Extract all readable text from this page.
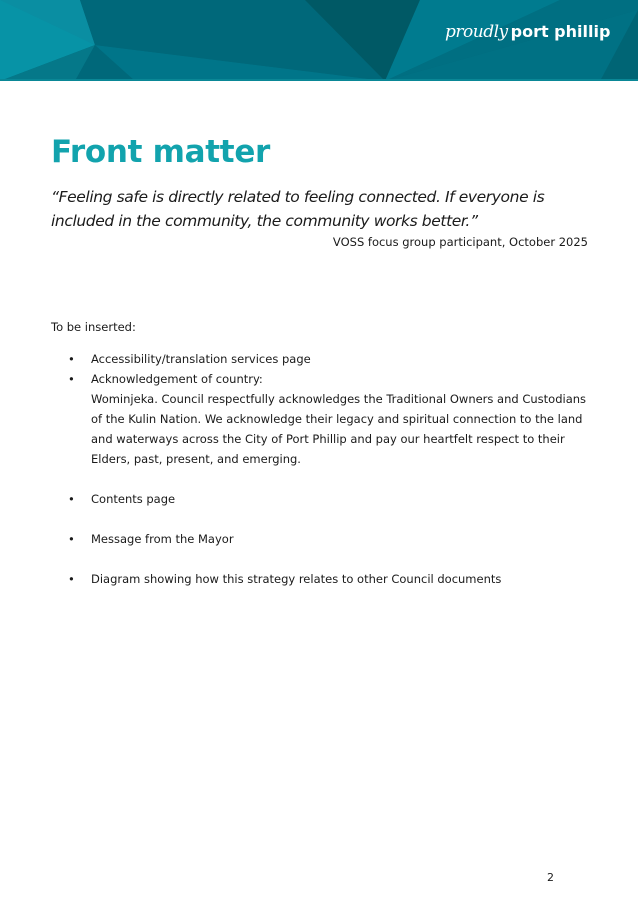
proudly port phillip
Front matter
“Feeling safe is directly related to feeling connected. If everyone is included in the community, the community works better.”
VOSS focus group participant, October 2025
To be inserted:
• Accessibility/translation services page
• Acknowledgement of country:
Wominjeka. Council respectfully acknowledges the Traditional Owners and Custodians of the Kulin Nation. We acknowledge their legacy and spiritual connection to the land and waterways across the City of Port Phillip and pay our heartfelt respect to their Elders, past, present, and emerging.
• Contents page
• Message from the Mayor
• Diagram showing how this strategy relates to other Council documents
2
